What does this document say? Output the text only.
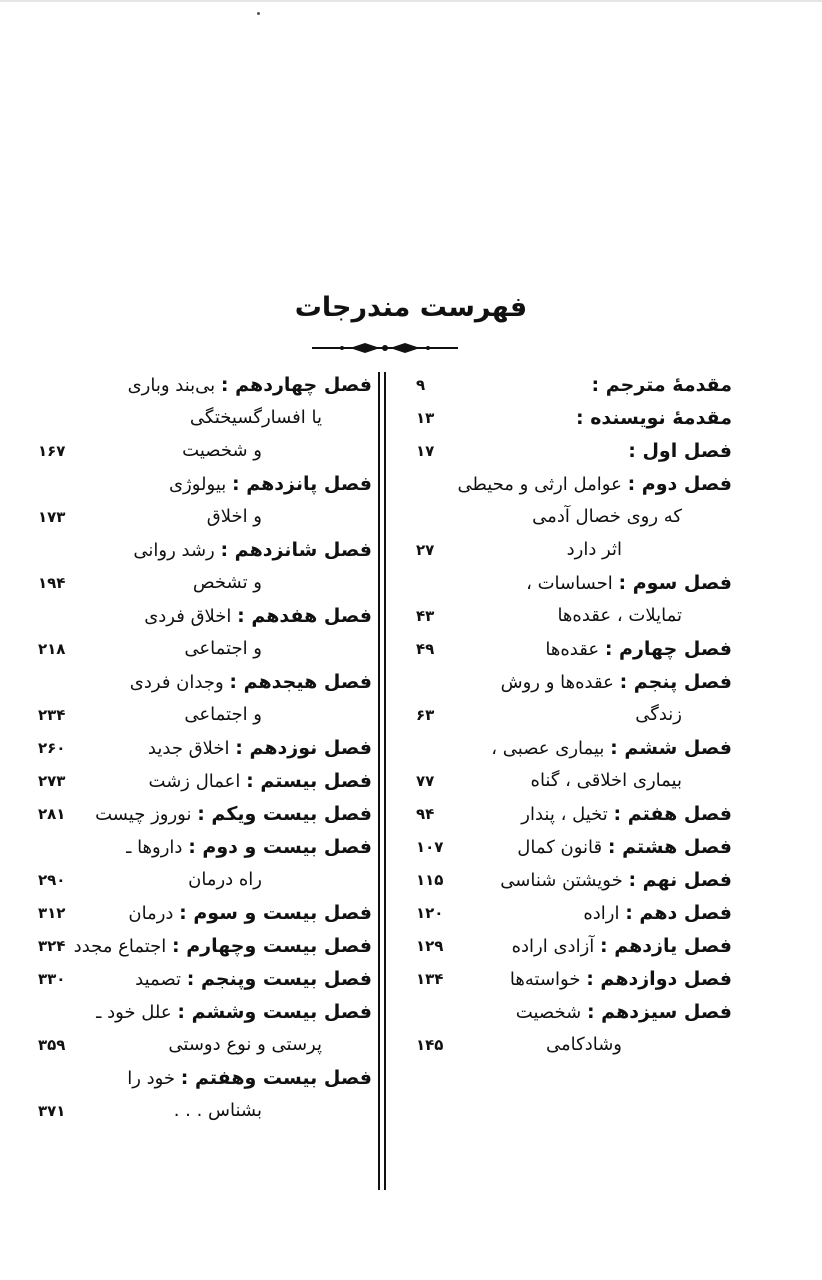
فهرست مندرجات
مقدمهٔ مترجم :
۹
مقدمهٔ نویسنده :
۱۳
فصل اول :
۱۷
فصل دوم : عوامل ارثی و محیطی
که روی خصال آدمی
اثر دارد
۲۷
فصل سوم : احساسات ،
تمایلات ، عقده‌ها
۴۳
فصل چهارم : عقده‌ها
۴۹
فصل پنجم : عقده‌ها و روش
زندگی
۶۳
فصل ششم : بیماری عصبی ،
بیماری اخلاقی ، گناه
۷۷
فصل هفتم : تخیل ، پندار
۹۴
فصل هشتم : قانون کمال
۱۰۷
فصل نهم : خویشتن شناسی
۱۱۵
فصل دهم : اراده
۱۲۰
فصل یازدهم : آزادی اراده
۱۲۹
فصل دوازدهم : خواسته‌ها
۱۳۴
فصل سیزدهم : شخصیت
وشادکامی
۱۴۵
فصل چهاردهم : بی‌بند وباری
یا افسارگسیختگی
و شخصیت
۱۶۷
فصل پانزدهم : بیولوژی
و اخلاق
۱۷۳
فصل شانزدهم : رشد روانی
و تشخص
۱۹۴
فصل هفدهم : اخلاق فردی
و اجتماعی
۲۱۸
فصل هیجدهم : وجدان فردی
و اجتماعی
۲۳۴
فصل نوزدهم : اخلاق جدید
۲۶۰
فصل بیستم : اعمال زشت
۲۷۳
فصل بیست ویکم : نوروز چیست
۲۸۱
فصل بیست و دوم : داروها ـ
راه درمان
۲۹۰
فصل بیست و سوم : درمان
۳۱۲
فصل بیست وچهارم : اجتماع مجدد
۳۲۴
فصل بیست وپنجم : تصمید
۳۳۰
فصل بیست وششم : علل خود ـ
پرستی و نوع دوستی
۳۵۹
فصل بیست وهفتم : خود را
بشناس . . .
۳۷۱
